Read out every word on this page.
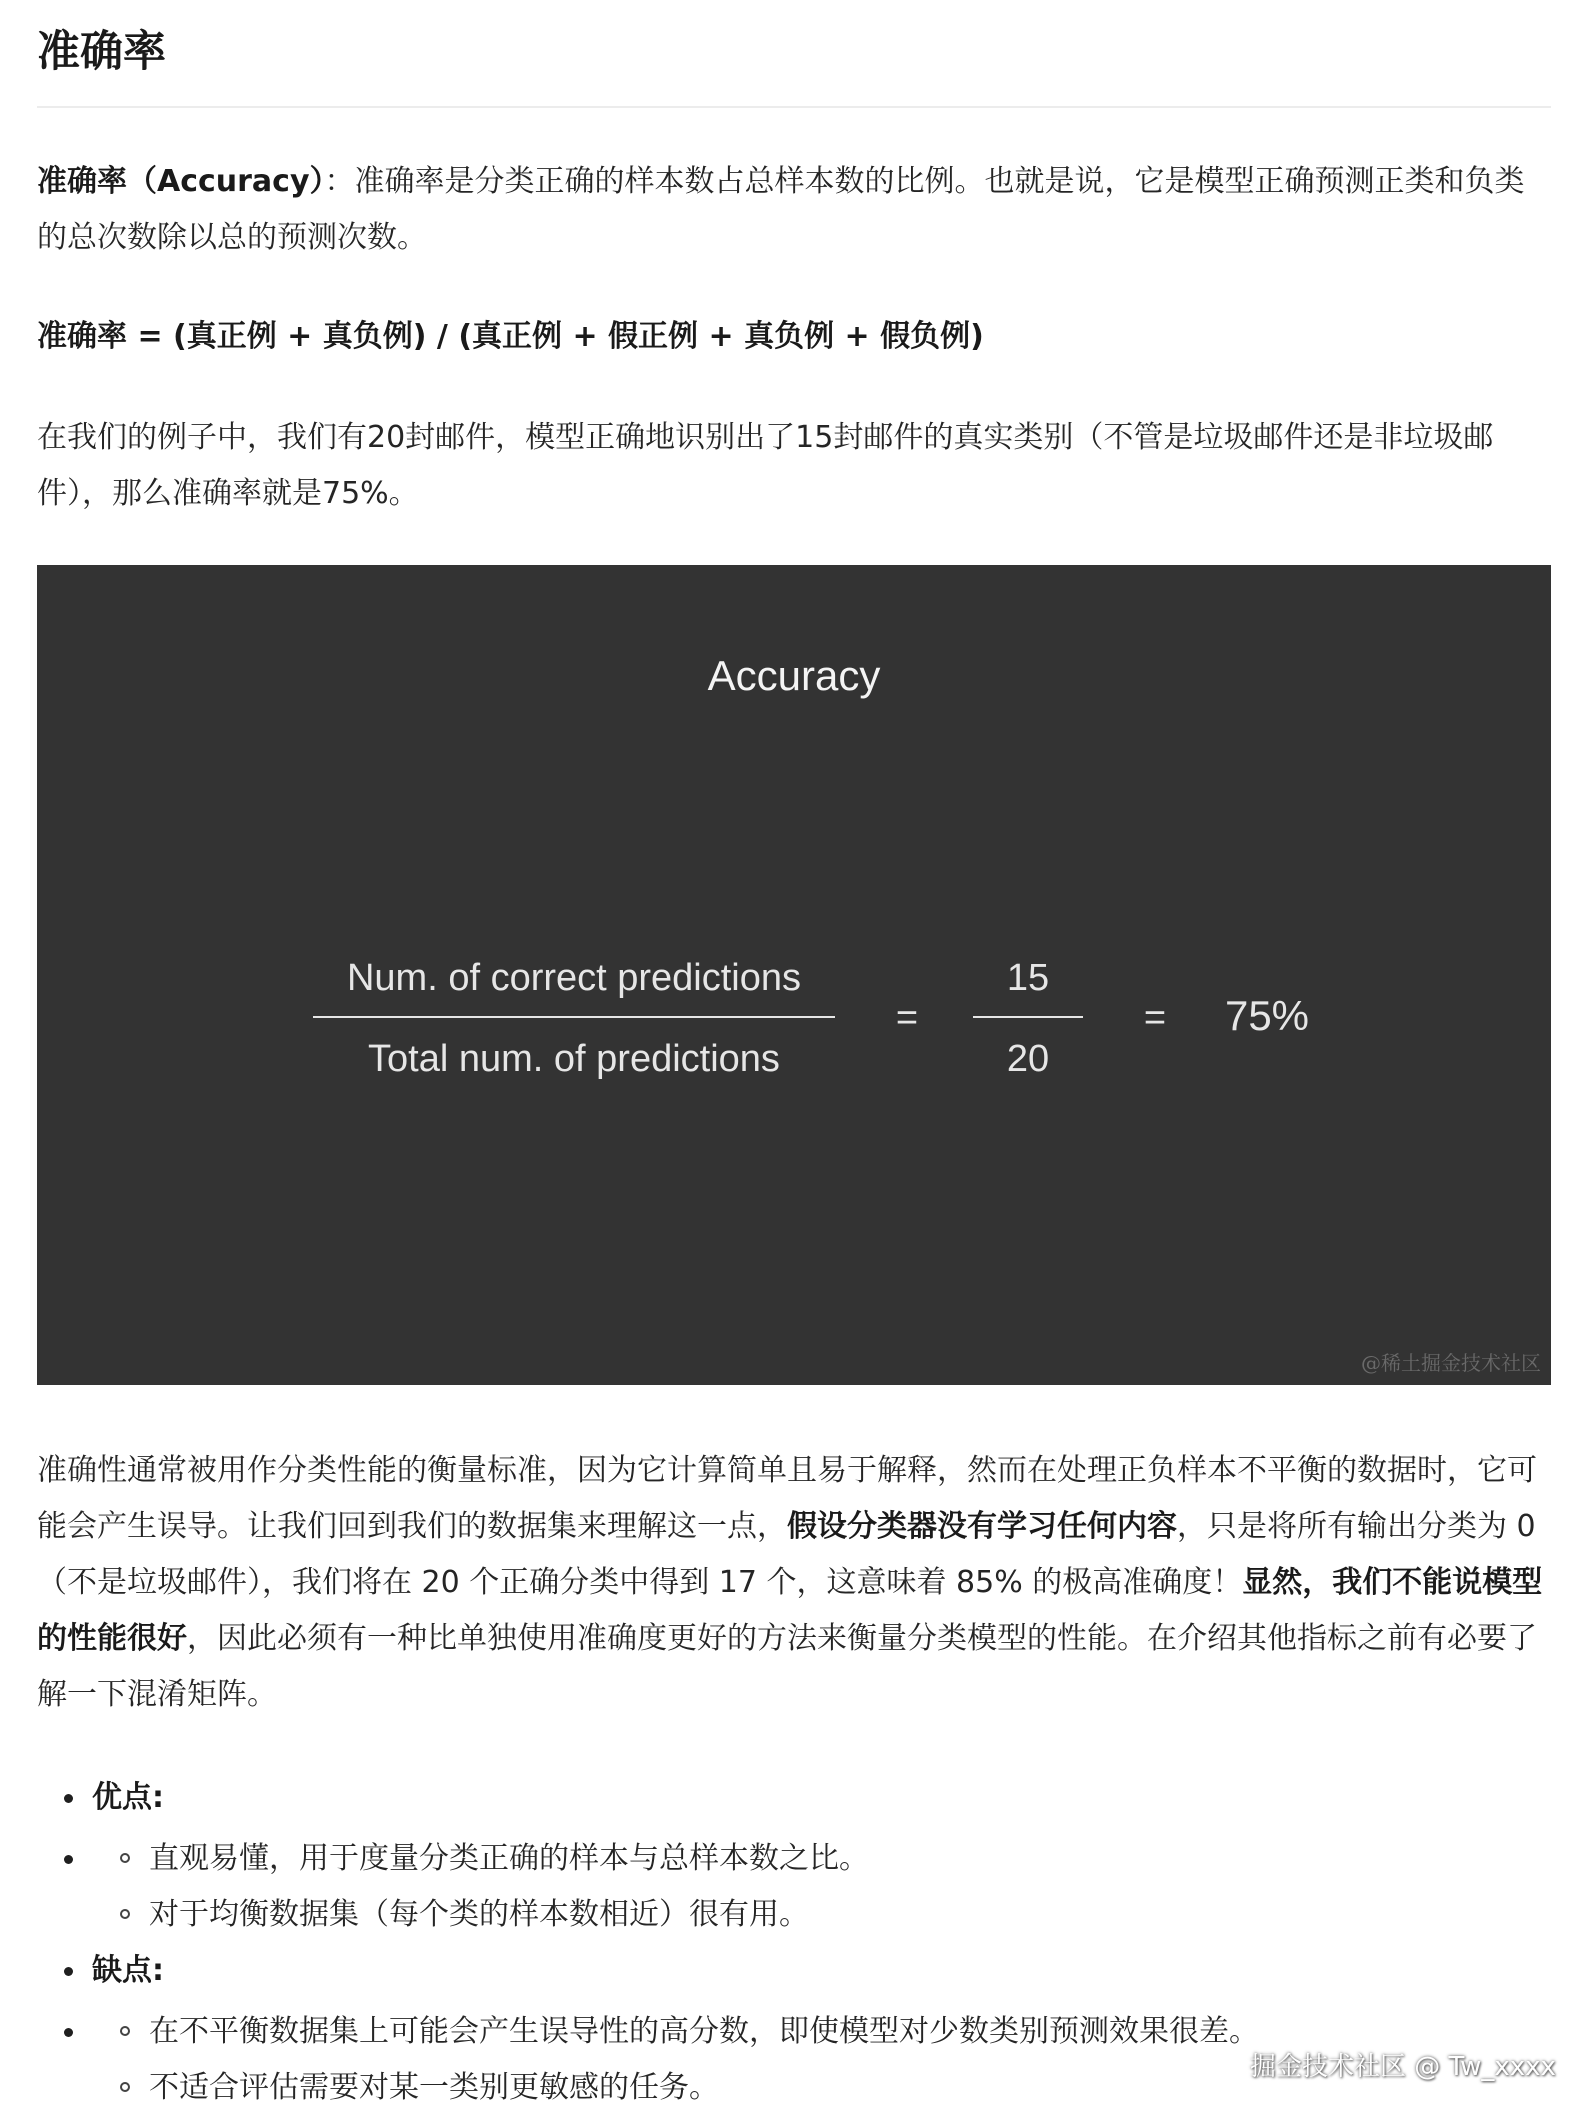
准确率

准确率（Accuracy）：准确率是分类正确的样本数占总样本数的比例。也就是说，它是模型正确预测正类和负类的总次数除以总的预测次数。

准确率 = (真正例 + 真负例) / (真正例 + 假正例 + 真负例 + 假负例)

在我们的例子中，我们有20封邮件，模型正确地识别出了15封邮件的真实类别（不管是垃圾邮件还是非垃圾邮件），那么准确率就是75%。

Accuracy
Num. of correct predictions
Total num. of predictions
=
15
20
=	75%
@稀土掘金技术社区

准确性通常被用作分类性能的衡量标准，因为它计算简单且易于解释，然而在处理正负样本不平衡的数据时，它可能会产生误导。让我们回到我们的数据集来理解这一点，假设分类器没有学习任何内容，只是将所有输出分类为 0（不是垃圾邮件），我们将在 20 个正确分类中得到 17 个，这意味着 85% 的极高准确度！显然，我们不能说模型的性能很好，因此必须有一种比单独使用准确度更好的方法来衡量分类模型的性能。在介绍其他指标之前有必要了解一下混淆矩阵。

优点:
直观易懂，用于度量分类正确的样本与总样本数之比。
对于均衡数据集（每个类的样本数相近）很有用。
缺点:
在不平衡数据集上可能会产生误导性的高分数，即使模型对少数类别预测效果很差。
不适合评估需要对某一类别更敏感的任务。
掘金技术社区 @ Tw_xxxx
